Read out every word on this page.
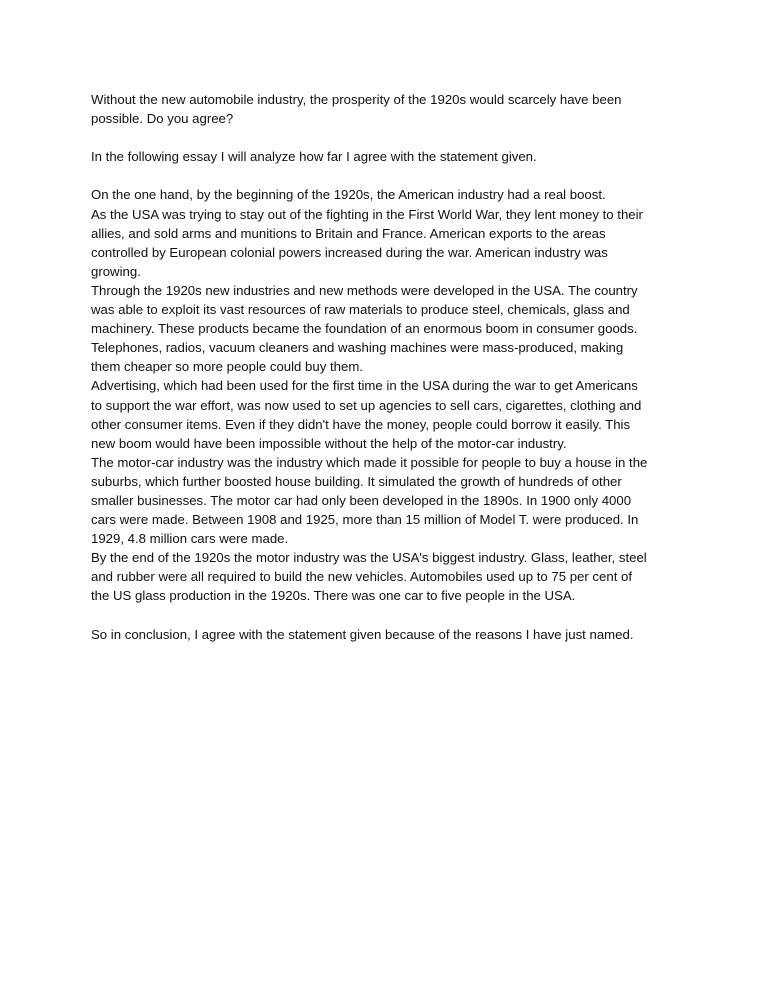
Without the new automobile industry, the prosperity of the 1920s would scarcely have been
possible. Do you agree?
In the following essay I will analyze how far I agree with the statement given.
On the one hand, by the beginning of the 1920s, the American industry had a real boost.
As the USA was trying to stay out of the fighting in the First World War, they lent money to their
allies, and sold arms and munitions to Britain and France. American exports to the areas
controlled by European colonial powers increased during the war. American industry was
growing.
Through the 1920s new industries and new methods were developed in the USA. The country
was able to exploit its vast resources of raw materials to produce steel, chemicals, glass and
machinery. These products became the foundation of an enormous boom in consumer goods.
Telephones, radios, vacuum cleaners and washing machines were mass-produced, making
them cheaper so more people could buy them.
Advertising, which had been used for the first time in the USA during the war to get Americans
to support the war effort, was now used to set up agencies to sell cars, cigarettes, clothing and
other consumer items. Even if they didn't have the money, people could borrow it easily. This
new boom would have been impossible without the help of the motor-car industry.
The motor-car industry was the industry which made it possible for people to buy a house in the
suburbs, which further boosted house building. It simulated the growth of hundreds of other
smaller businesses. The motor car had only been developed in the 1890s. In 1900 only 4000
cars were made. Between 1908 and 1925, more than 15 million of Model T. were produced. In
1929, 4.8 million cars were made.
By the end of the 1920s the motor industry was the USA's biggest industry. Glass, leather, steel
and rubber were all required to build the new vehicles. Automobiles used up to 75 per cent of
the US glass production in the 1920s. There was one car to five people in the USA.
So in conclusion, I agree with the statement given because of the reasons I have just named.
